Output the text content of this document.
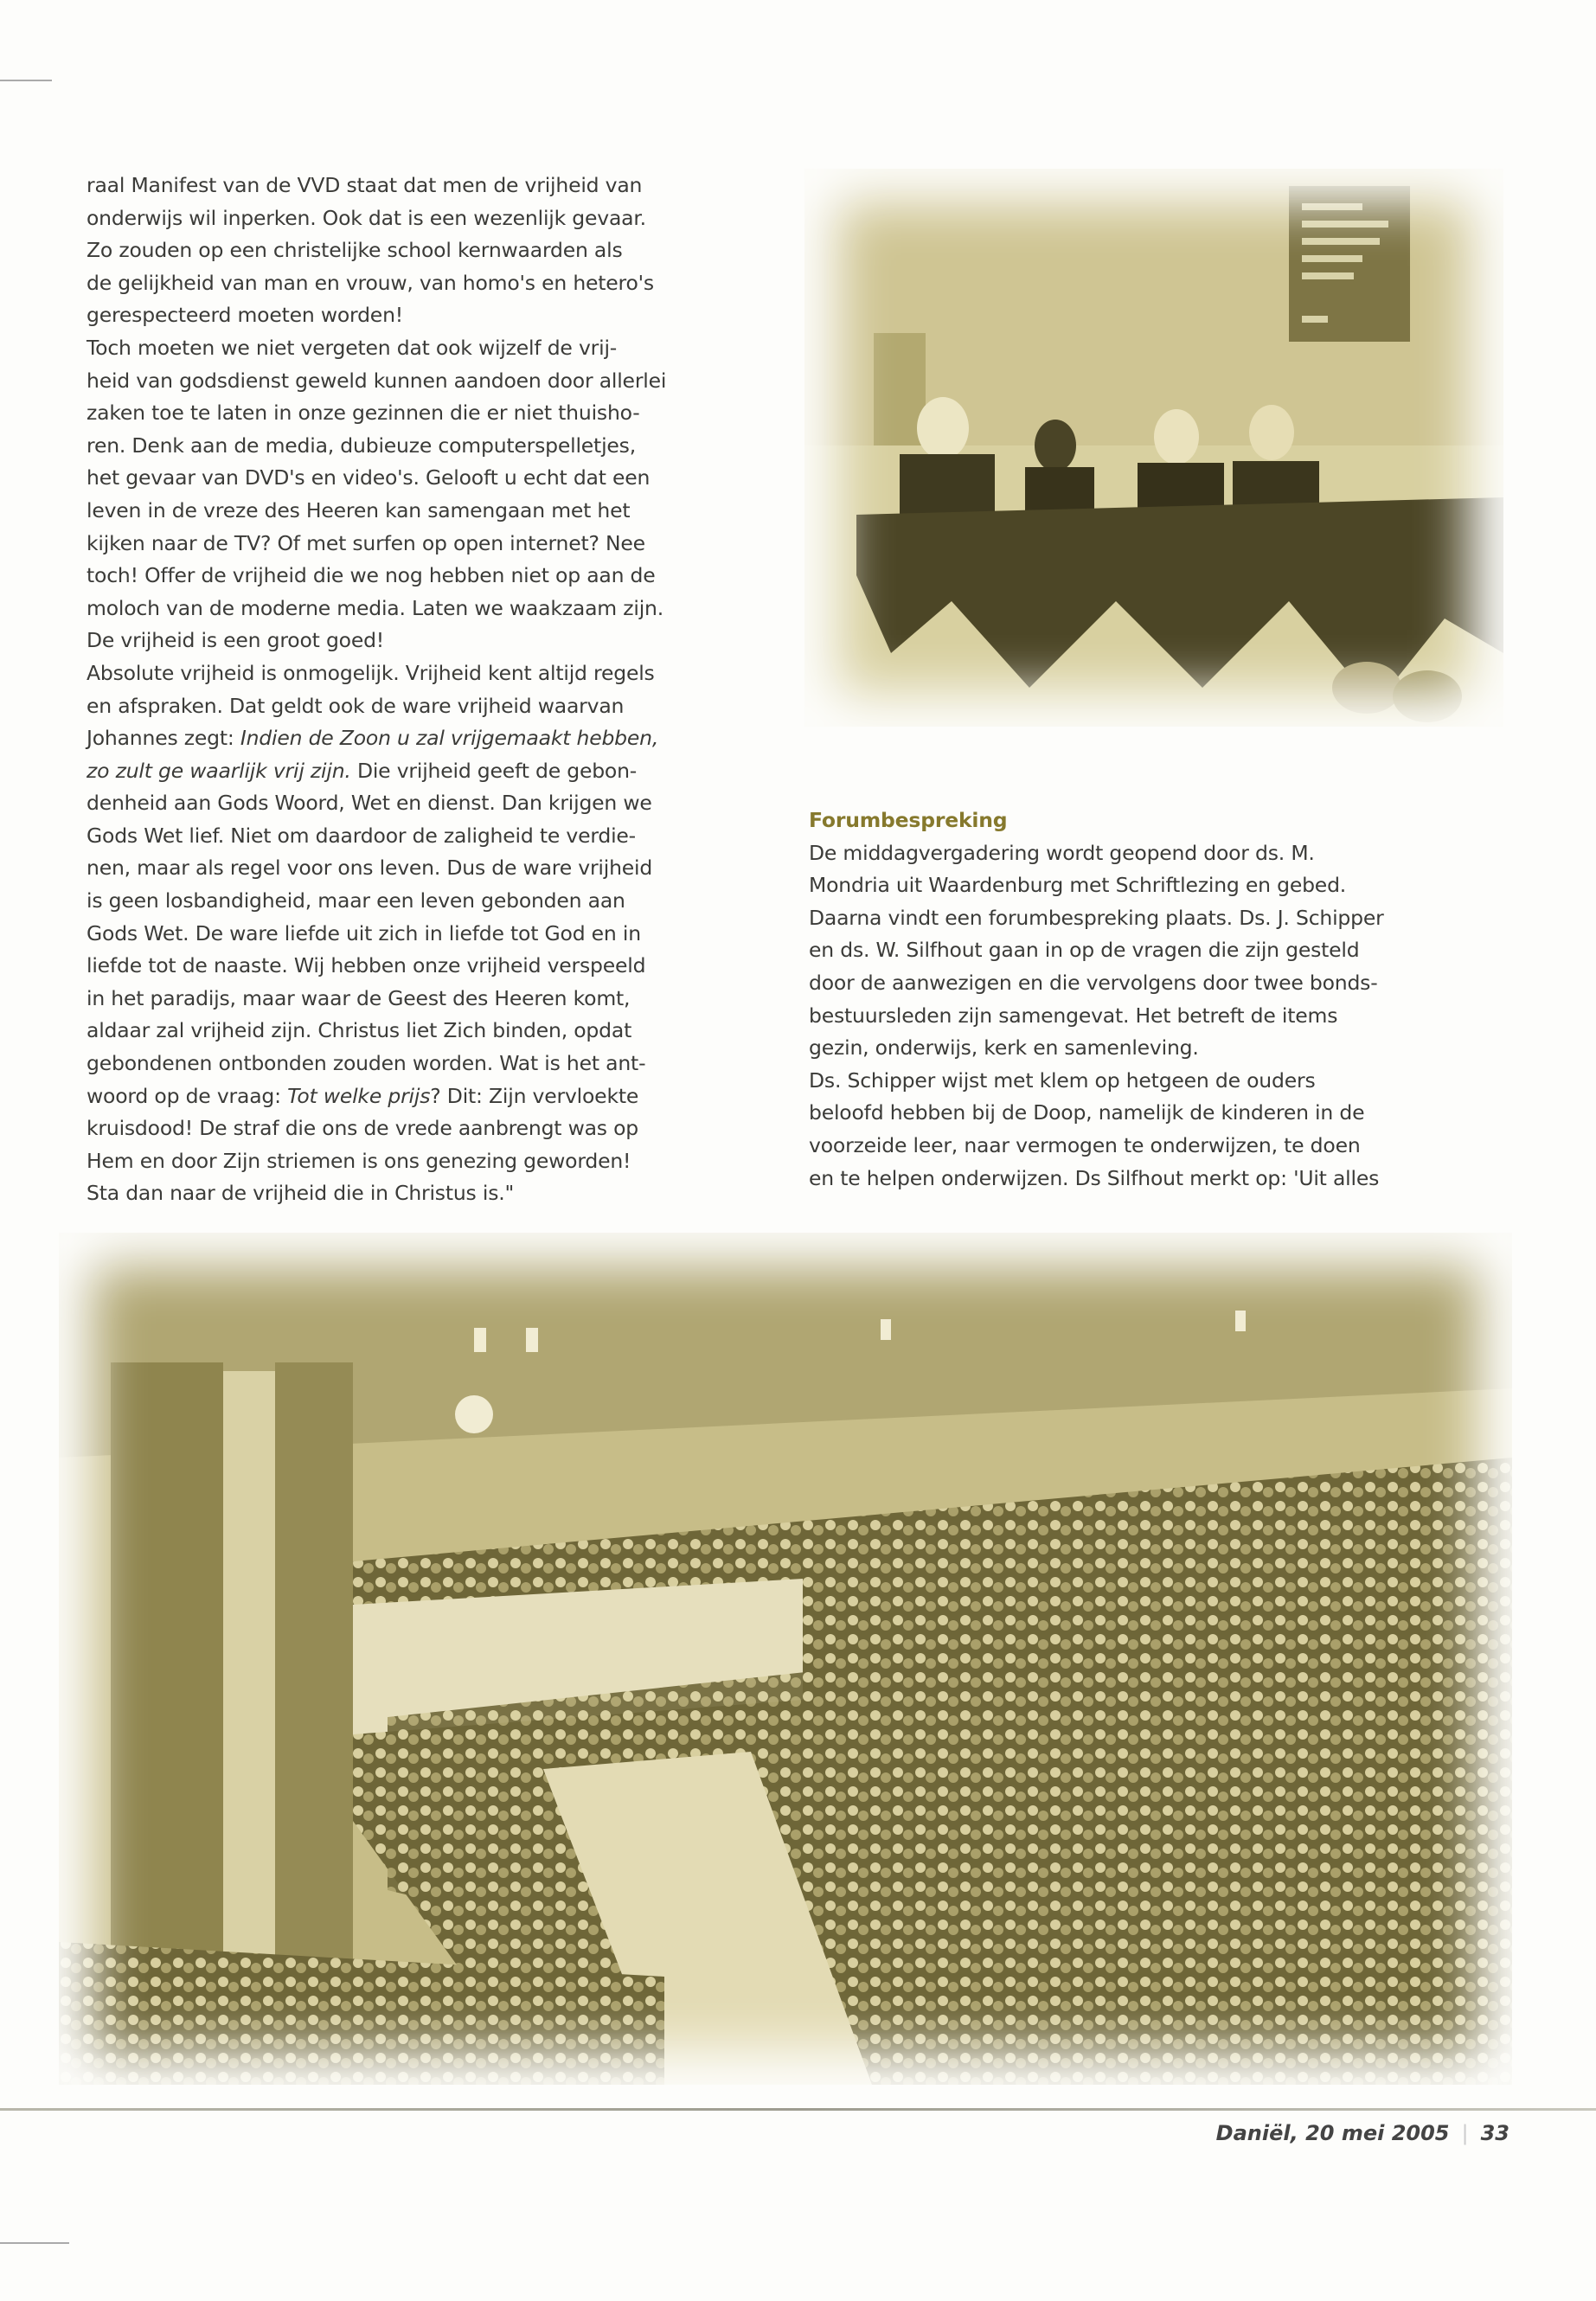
raal Manifest van de VVD staat dat men de vrijheid van
onderwijs wil inperken. Ook dat is een wezenlijk gevaar.
Zo zouden op een christelijke school kernwaarden als
de gelijkheid van man en vrouw, van homo's en hetero's
gerespecteerd moeten worden!
Toch moeten we niet vergeten dat ook wijzelf de vrij-
heid van godsdienst geweld kunnen aandoen door allerlei
zaken toe te laten in onze gezinnen die er niet thuisho-
ren. Denk aan de media, dubieuze computerspelletjes,
het gevaar van DVD's en video's. Gelooft u echt dat een
leven in de vreze des Heeren kan samengaan met het
kijken naar de TV? Of met surfen op open internet? Nee
toch! Offer de vrijheid die we nog hebben niet op aan de
moloch van de moderne media. Laten we waakzaam zijn.
De vrijheid is een groot goed!
Absolute vrijheid is onmogelijk. Vrijheid kent altijd regels
en afspraken. Dat geldt ook de ware vrijheid waarvan
Johannes zegt: Indien de Zoon u zal vrijgemaakt hebben,
zo zult ge waarlijk vrij zijn. Die vrijheid geeft de gebon-
denheid aan Gods Woord, Wet en dienst. Dan krijgen we
Gods Wet lief. Niet om daardoor de zaligheid te verdie-
nen, maar als regel voor ons leven. Dus de ware vrijheid
is geen losbandigheid, maar een leven gebonden aan
Gods Wet. De ware liefde uit zich in liefde tot God en in
liefde tot de naaste. Wij hebben onze vrijheid verspeeld
in het paradijs, maar waar de Geest des Heeren komt,
aldaar zal vrijheid zijn. Christus liet Zich binden, opdat
gebondenen ontbonden zouden worden. Wat is het ant-
woord op de vraag: Tot welke prijs? Dit: Zijn vervloekte
kruisdood! De straf die ons de vrede aanbrengt was op
Hem en door Zijn striemen is ons genezing geworden!
Sta dan naar de vrijheid die in Christus is."
Forumbespreking
De middagvergadering wordt geopend door ds. M.
Mondria uit Waardenburg met Schriftlezing en gebed.
Daarna vindt een forumbespreking plaats. Ds. J. Schipper
en ds. W. Silfhout gaan in op de vragen die zijn gesteld
door de aanwezigen en die vervolgens door twee bonds-
bestuursleden zijn samengevat. Het betreft de items
gezin, onderwijs, kerk en samenleving.
Ds. Schipper wijst met klem op hetgeen de ouders
beloofd hebben bij de Doop, namelijk de kinderen in de
voorzeide leer, naar vermogen te onderwijzen, te doen
en te helpen onderwijzen. Ds Silfhout merkt op: 'Uit alles
Daniël, 20 mei 2005 | 33
